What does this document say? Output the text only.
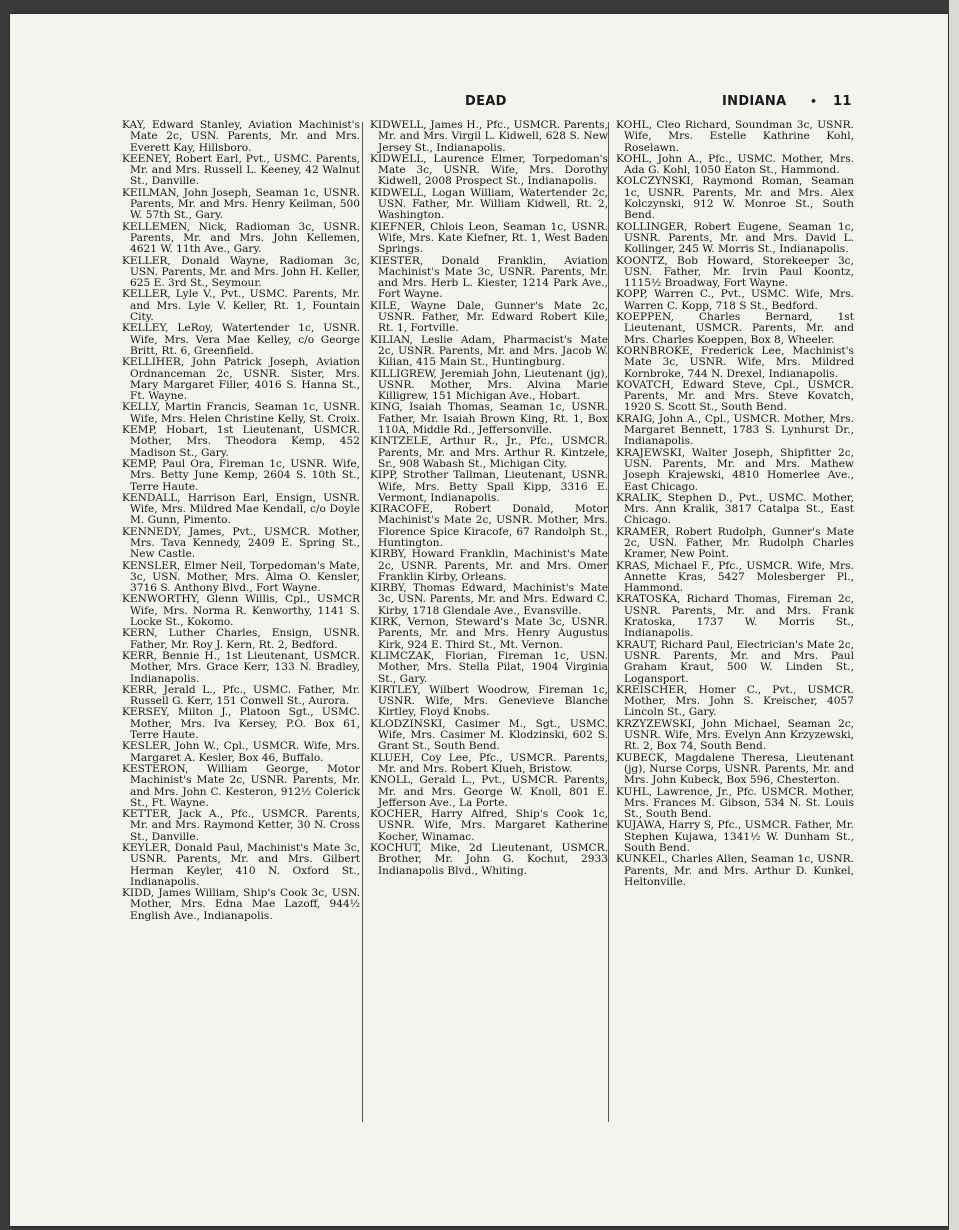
DEAD	INDIANA • 11

KAY, Edward Stanley, Aviation Machinist's Mate 2c, USN. Parents, Mr. and Mrs. Everett Kay, Hillsboro.

KEENEY, Robert Earl, Pvt., USMC. Parents, Mr. and Mrs. Russell L. Keeney, 42 Walnut St., Danville.

KEILMAN, John Joseph, Seaman 1c, USNR. Parents, Mr. and Mrs. Henry Keilman, 500 W. 57th St., Gary.

KELLEMEN, Nick, Radioman 3c, USNR. Parents, Mr. and Mrs. John Kellemen, 4621 W. 11th Ave., Gary.

KELLER, Donald Wayne, Radioman 3c, USN. Parents, Mr. and Mrs. John H. Keller, 625 E. 3rd St., Seymour.

KELLER, Lyle V., Pvt., USMC. Parents, Mr. and Mrs. Lyle V. Keller, Rt. 1, Fountain City.

KELLEY, LeRoy, Watertender 1c, USNR. Wife, Mrs. Vera Mae Kelley, c/o George Britt, Rt. 6, Greenfield.

KELLIHER, John Patrick Joseph, Aviation Ordnanceman 2c, USNR. Sister, Mrs. Mary Margaret Filler, 4016 S. Hanna St., Ft. Wayne.

KELLY, Martin Francis, Seaman 1c, USNR. Wife, Mrs. Helen Christine Kelly, St. Croix.

KEMP, Hobart, 1st Lieutenant, USMCR. Mother, Mrs. Theodora Kemp, 452 Madison St., Gary.

KEMP, Paul Ora, Fireman 1c, USNR. Wife, Mrs. Betty June Kemp, 2604 S. 10th St., Terre Haute.

KENDALL, Harrison Earl, Ensign, USNR. Wife, Mrs. Mildred Mae Kendall, c/o Doyle M. Gunn, Pimento.

KENNEDY, James, Pvt., USMCR. Mother, Mrs. Tava Kennedy, 2409 E. Spring St., New Castle.

KENSLER, Elmer Neil, Torpedoman's Mate, 3c, USN. Mother, Mrs. Alma O. Kensler, 3716 S. Anthony Blvd., Fort Wayne.

KENWORTHY, Glenn Willis, Cpl., USMCR Wife, Mrs. Norma R. Kenworthy, 1141 S. Locke St., Kokomo.

KERN, Luther Charles, Ensign, USNR. Father, Mr. Roy J. Kern, Rt. 2, Bedford.

KERR, Bennie H., 1st Lieutenant, USMCR. Mother, Mrs. Grace Kerr, 133 N. Bradley, Indianapolis.

KERR, Jerald L., Pfc., USMC. Father, Mr. Russell G. Kerr, 151 Conwell St., Aurora.

KERSEY, Milton J., Platoon Sgt., USMC. Mother, Mrs. Iva Kersey, P.O. Box 61, Terre Haute.

KESLER, John W., Cpl., USMCR. Wife, Mrs. Margaret A. Kesler, Box 46, Buffalo.

KESTERON, William George, Motor Machinist's Mate 2c, USNR. Parents, Mr. and Mrs. John C. Kesteron, 912½ Colerick St., Ft. Wayne.

KETTER, Jack A., Pfc., USMCR. Parents, Mr. and Mrs. Raymond Ketter, 30 N. Cross St., Danville.

KEYLER, Donald Paul, Machinist's Mate 3c, USNR. Parents, Mr. and Mrs. Gilbert Herman Keyler, 410 N. Oxford St., Indianapolis.

KIDD, James William, Ship's Cook 3c, USN. Mother, Mrs. Edna Mae Lazoff, 944½ English Ave., Indianapolis.

KIDWELL, James H., Pfc., USMCR. Parents, Mr. and Mrs. Virgil L. Kidwell, 628 S. New Jersey St., Indianapolis.

KIDWELL, Laurence Elmer, Torpedoman's Mate 3c, USNR. Wife, Mrs. Dorothy Kidwell, 2008 Prospect St., Indianapolis.

KIDWELL, Logan William, Watertender 2c, USN. Father, Mr. William Kidwell, Rt. 2, Washington.

KIEFNER, Chlois Leon, Seaman 1c, USNR. Wife, Mrs. Kate Kiefner, Rt. 1, West Baden Springs.

KIESTER, Donald Franklin, Aviation Machinist's Mate 3c, USNR. Parents, Mr. and Mrs. Herb L. Kiester, 1214 Park Ave., Fort Wayne.

KILE, Wayne Dale, Gunner's Mate 2c, USNR. Father, Mr. Edward Robert Kile, Rt. 1, Fortville.

KILIAN, Leslie Adam, Pharmacist's Mate 2c, USNR. Parents, Mr. and Mrs. Jacob W. Kilian, 415 Main St., Huntingburg.

KILLIGREW, Jeremiah John, Lieutenant (jg), USNR. Mother, Mrs. Alvina Marie Killigrew, 151 Michigan Ave., Hobart.

KING, Isaiah Thomas, Seaman 1c, USNR. Father, Mr. Isaiah Brown King, Rt. 1, Box 110A, Middle Rd., Jeffersonville.

KINTZELE, Arthur R., Jr., Pfc., USMCR. Parents, Mr. and Mrs. Arthur R. Kintzele, Sr., 908 Wabash St., Michigan City.

KIPP, Strother Tallman, Lieutenant, USNR. Wife, Mrs. Betty Spall Kipp, 3316 E. Vermont, Indianapolis.

KIRACOFE, Robert Donald, Motor Machinist's Mate 2c, USNR. Mother, Mrs. Florence Spice Kiracofe, 67 Randolph St., Huntington.

KIRBY, Howard Franklin, Machinist's Mate 2c, USNR. Parents, Mr. and Mrs. Omer Franklin Kirby, Orleans.

KIRBY, Thomas Edward, Machinist's Mate 3c, USN. Parents, Mr. and Mrs. Edward C. Kirby, 1718 Glendale Ave., Evansville.

KIRK, Vernon, Steward's Mate 3c, USNR. Parents, Mr. and Mrs. Henry Augustus Kirk, 924 E. Third St., Mt. Vernon.

KLIMCZAK, Florian, Fireman 1c, USN. Mother, Mrs. Stella Pilat, 1904 Virginia St., Gary.

KIRTLEY, Wilbert Woodrow, Fireman 1c, USNR. Wife, Mrs. Genevieve Blanche Kirtley, Floyd Knobs.

KLODZINSKI, Casimer M., Sgt., USMC. Wife, Mrs. Casimer M. Klodzinski, 602 S. Grant St., South Bend.

KLUEH, Coy Lee, Pfc., USMCR. Parents, Mr. and Mrs. Robert Klueh, Bristow.

KNOLL, Gerald L., Pvt., USMCR. Parents, Mr. and Mrs. George W. Knoll, 801 E. Jefferson Ave., La Porte.

KOCHER, Harry Alfred, Ship's Cook 1c, USNR. Wife, Mrs. Margaret Katherine Kocher, Winamac.

KOCHUT, Mike, 2d Lieutenant, USMCR. Brother, Mr. John G. Kochut, 2933 Indianapolis Blvd., Whiting.

KOHL, Cleo Richard, Soundman 3c, USNR. Wife, Mrs. Estelle Kathrine Kohl, Roselawn.

KOHL, John A., Pfc., USMC. Mother, Mrs. Ada G. Kohl, 1050 Eaton St., Hammond.

KOLCZYNSKI, Raymond Roman, Seaman 1c, USNR. Parents, Mr. and Mrs. Alex Kolczynski, 912 W. Monroe St., South Bend.

KOLLINGER, Robert Eugene, Seaman 1c, USNR. Parents, Mr. and Mrs. David L. Kollinger, 245 W. Morris St., Indianapolis.

KOONTZ, Bob Howard, Storekeeper 3c, USN. Father, Mr. Irvin Paul Koontz, 1115½ Broadway, Fort Wayne.

KOPP, Warren C., Pvt., USMC. Wife, Mrs. Warren C. Kopp, 718 S St., Bedford.

KOEPPEN, Charles Bernard, 1st Lieutenant, USMCR. Parents, Mr. and Mrs. Charles Koeppen, Box 8, Wheeler.

KORNBROKE, Frederick Lee, Machinist's Mate 3c, USNR. Wife, Mrs. Mildred Kornbroke, 744 N. Drexel, Indianapolis.

KOVATCH, Edward Steve, Cpl., USMCR. Parents, Mr. and Mrs. Steve Kovatch, 1920 S. Scott St., South Bend.

KRAIG, John A., Cpl., USMCR. Mother, Mrs. Margaret Bennett, 1783 S. Lynhurst Dr., Indianapolis.

KRAJEWSKI, Walter Joseph, Shipfitter 2c, USN. Parents, Mr. and Mrs. Mathew Joseph Krajewski, 4810 Homerlee Ave., East Chicago.

KRALIK, Stephen D., Pvt., USMC. Mother, Mrs. Ann Kralik, 3817 Catalpa St., East Chicago.

KRAMER, Robert Rudolph, Gunner's Mate 2c, USN. Father, Mr. Rudolph Charles Kramer, New Point.

KRAS, Michael F., Pfc., USMCR. Wife, Mrs. Annette Kras, 5427 Molesberger Pl., Hammond.

KRATOSKA, Richard Thomas, Fireman 2c, USNR. Parents, Mr. and Mrs. Frank Kratoska, 1737 W. Morris St., Indianapolis.

KRAUT, Richard Paul, Electrician's Mate 2c, USNR. Parents, Mr. and Mrs. Paul Graham Kraut, 500 W. Linden St., Logansport.

KREISCHER, Homer C., Pvt., USMCR. Mother, Mrs. John S. Kreischer, 4057 Lincoln St., Gary.

KRZYZEWSKI, John Michael, Seaman 2c, USNR. Wife, Mrs. Evelyn Ann Krzyzewski, Rt. 2, Box 74, South Bend.

KUBECK, Magdalene Theresa, Lieutenant (jg), Nurse Corps, USNR. Parents, Mr. and Mrs. John Kubeck, Box 596, Chesterton.

KUHL, Lawrence, Jr., Pfc. USMCR. Mother, Mrs. Frances M. Gibson, 534 N. St. Louis St., South Bend.

KUJAWA, Harry S, Pfc., USMCR. Father, Mr. Stephen Kujawa, 1341½ W. Dunham St., South Bend.

KUNKEL, Charles Allen, Seaman 1c, USNR. Parents, Mr. and Mrs. Arthur D. Kunkel, Heltonville.
